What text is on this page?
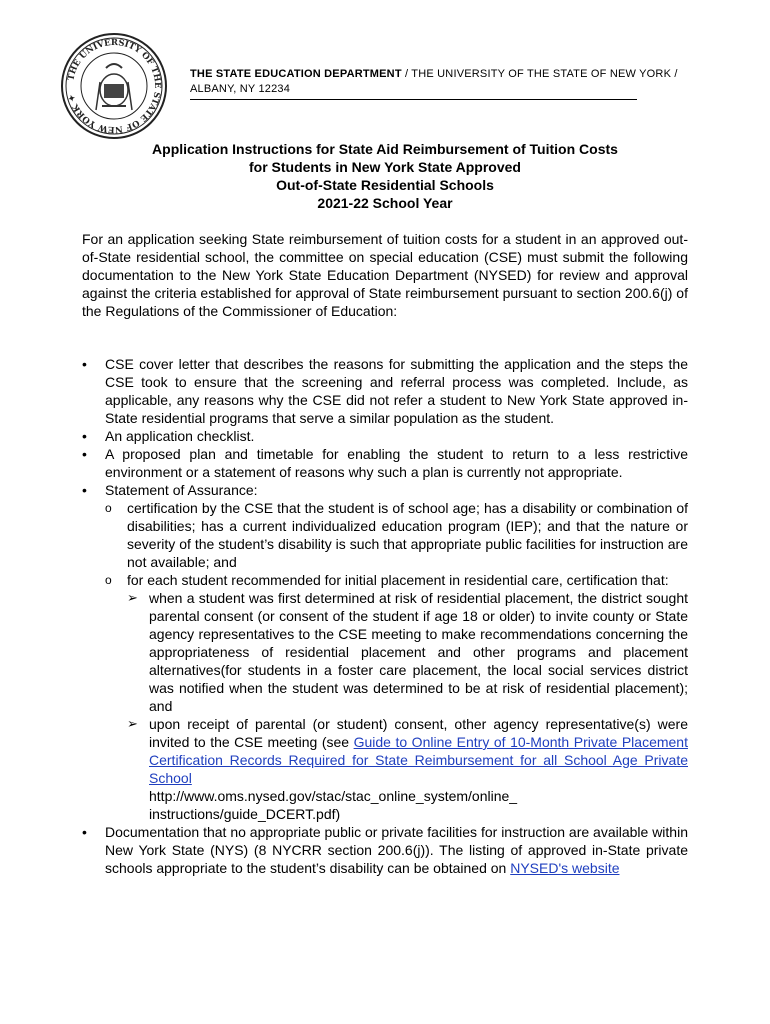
THE UNIVERSITY OF THE STATE OF NEW YORK ✦
THE STATE EDUCATION DEPARTMENT / THE UNIVERSITY OF THE STATE OF NEW YORK / ALBANY, NY 12234
Application Instructions for State Aid Reimbursement of Tuition Costs
for Students in New York State Approved
Out-of-State Residential Schools
2021-22 School Year
For an application seeking State reimbursement of tuition costs for a student in an approved out-of-State residential school, the committee on special education (CSE) must submit the following documentation to the New York State Education Department (NYSED) for review and approval against the criteria established for approval of State reimbursement pursuant to section 200.6(j) of the Regulations of the Commissioner of Education:
• CSE cover letter that describes the reasons for submitting the application and the steps the CSE took to ensure that the screening and referral process was completed. Include, as applicable, any reasons why the CSE did not refer a student to New York State approved in-State residential programs that serve a similar population as the student.
• An application checklist.
• A proposed plan and timetable for enabling the student to return to a less restrictive environment or a statement of reasons why such a plan is currently not appropriate.
• Statement of Assurance:
o certification by the CSE that the student is of school age; has a disability or combination of disabilities; has a current individualized education program (IEP); and that the nature or severity of the student’s disability is such that appropriate public facilities for instruction are not available; and
o for each student recommended for initial placement in residential care, certification that:
➢ when a student was first determined at risk of residential placement, the district sought parental consent (or consent of the student if age 18 or older) to invite county or State agency representatives to the CSE meeting to make recommendations concerning the appropriateness of residential placement and other programs and placement alternatives(for students in a foster care placement, the local social services district was notified when the student was determined to be at risk of residential placement); and
➢ upon receipt of parental (or student) consent, other agency representative(s) were invited to the CSE meeting (see Guide to Online Entry of 10-Month Private Placement Certification Records Required for State Reimbursement for all School Age Private School
http://www.oms.nysed.gov/stac/stac_online_system/online_ instructions/guide_DCERT.pdf)
• Documentation that no appropriate public or private facilities for instruction are available within New York State (NYS) (8 NYCRR section 200.6(j)). The listing of approved in-State private schools appropriate to the student’s disability can be obtained on NYSED's website
